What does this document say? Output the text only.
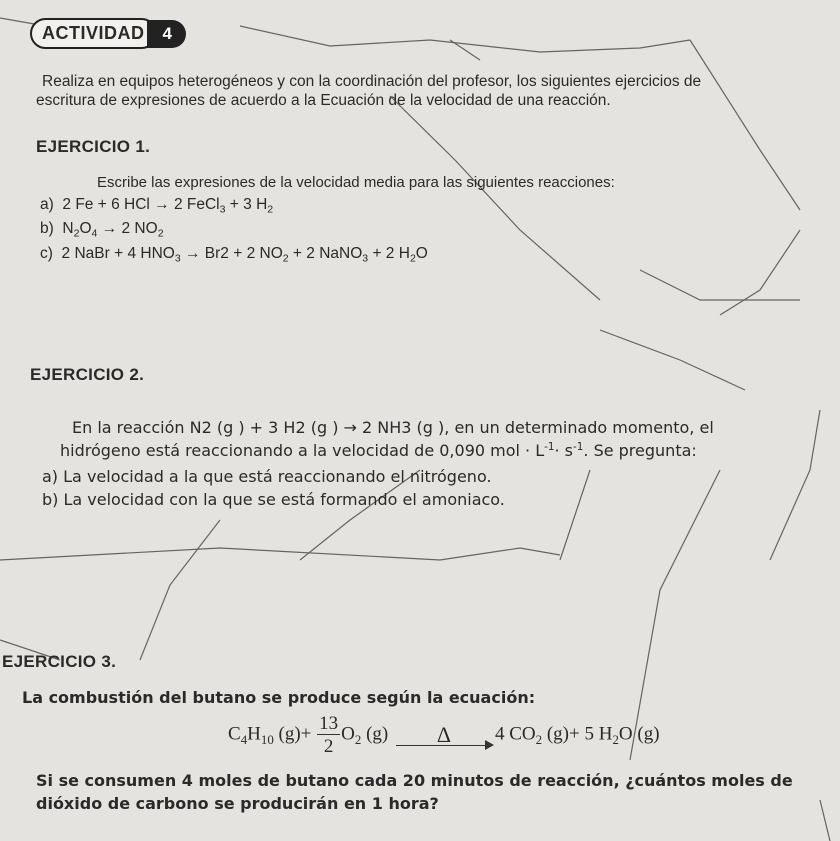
ACTIVIDAD	4
Realiza en equipos heterogéneos y con la coordinación del profesor, los siguientes ejercicios de
escritura de expresiones de acuerdo a la Ecuación de la velocidad de una reacción.
EJERCICIO 1.
Escribe las expresiones de la velocidad media para las siguientes reacciones:
a)  2 Fe + 6 HCl → 2 FeCl$_3$ + 3 $H_2$
b)  $N_2O_4 \to 2$ $NO_2$
c)  2 NaBr + 4 $HNO_3 \to Br2 + 2$ $NO_2 + 2$ NaNO$_3$ + 2 $H_2O$
EJERCICIO 2.
En la reacción N2 (g ) + 3 H2 (g ) → 2 NH3 (g ), en un determinado momento, el
hidrógeno está reaccionando a la velocidad de 0,090 mol · $L^{-1}\cdot s^{-1}$. Se pregunta:
a) La velocidad a la que está reaccionando el nitrógeno.
b) La velocidad con la que se está formando el amoniaco.
EJERCICIO 3.
La combustión del butano se produce según la ecuación:
$C_4H_{10}$ $(g)+ \frac{13}{2} O_2$ (g) Δ 4 $CO_2$ (g)+ 5 $H_2O$ (g)
Si se consumen 4 moles de butano cada 20 minutos de reacción, ¿cuántos moles de
dióxido de carbono se producirán en 1 hora?
